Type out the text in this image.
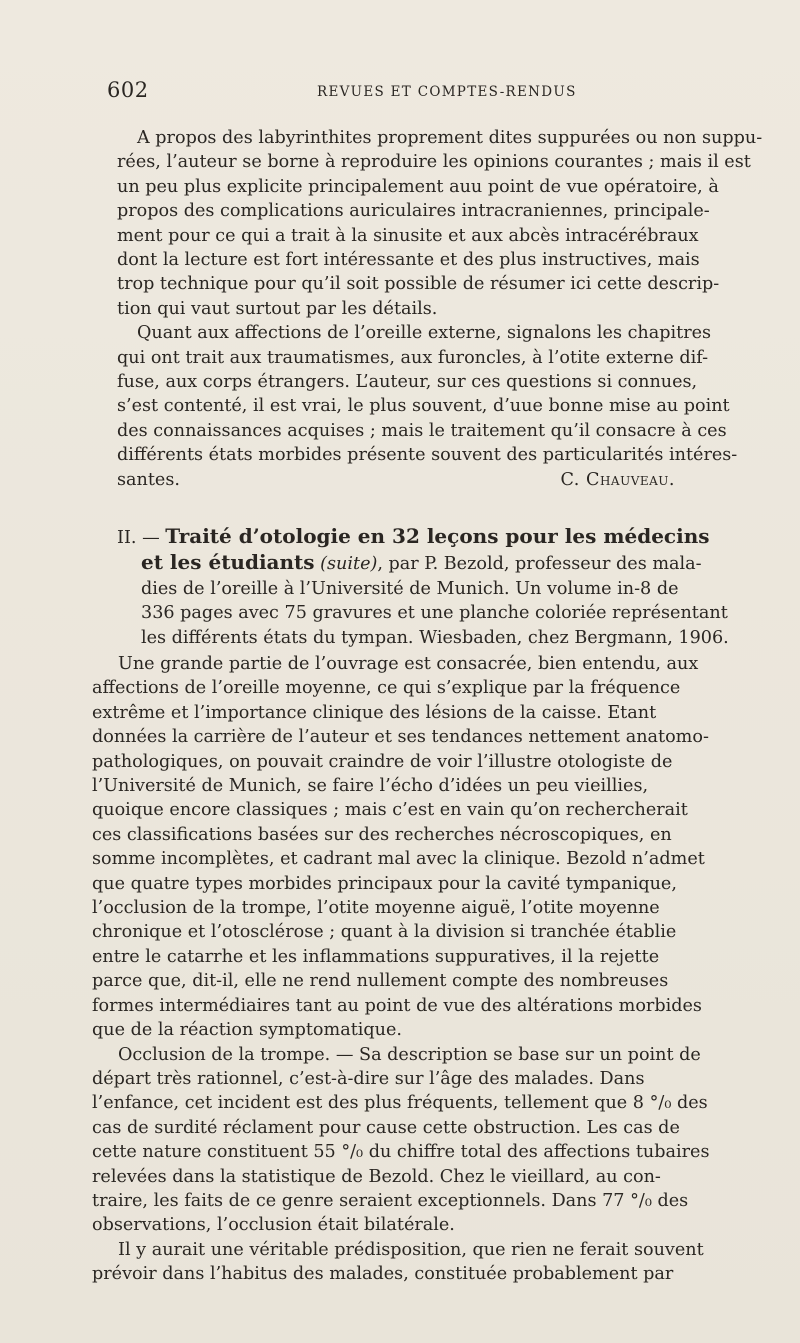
602	REVUES ET COMPTES-RENDUS
A propos des labyrinthites proprement dites suppurées ou non suppu-
rées, l’auteur se borne à reproduire les opinions courantes ; mais il est
un peu plus explicite principalement auu point de vue opératoire, à
propos des complications auriculaires intracraniennes, principale-
ment pour ce qui a trait à la sinusite et aux abcès intracérébraux
dont la lecture est fort intéressante et des plus instructives, mais
trop technique pour qu’il soit possible de résumer ici cette descrip-
tion qui vaut surtout par les détails.
Quant aux affections de l’oreille externe, signalons les chapitres
qui ont trait aux traumatismes, aux furoncles, à l’otite externe dif-
fuse, aux corps étrangers. L’auteur, sur ces questions si connues,
s’est contenté, il est vrai, le plus souvent, d’uue bonne mise au point
des connaissances acquises ; mais le traitement qu’il consacre à ces
différents états morbides présente souvent des particularités intéres-
santes.	C. Chauveau.
II. — Traité d’otologie en 32 leçons pour les médecins
et les étudiants (suite), par P. Bezold, professeur des mala-
dies de l’oreille à l’Université de Munich. Un volume in-8 de
336 pages avec 75 gravures et une planche coloriée représentant
les différents états du tympan. Wiesbaden, chez Bergmann, 1906.
Une grande partie de l’ouvrage est consacrée, bien entendu, aux
affections de l’oreille moyenne, ce qui s’explique par la fréquence
extrême et l’importance clinique des lésions de la caisse. Etant
données la carrière de l’auteur et ses tendances nettement anatomo-
pathologiques, on pouvait craindre de voir l’illustre otologiste de
l’Université de Munich, se faire l’écho d’idées un peu vieillies,
quoique encore classiques ; mais c’est en vain qu’on rechercherait
ces classifications basées sur des recherches nécroscopiques, en
somme incomplètes, et cadrant mal avec la clinique. Bezold n’admet
que quatre types morbides principaux pour la cavité tympanique,
l’occlusion de la trompe, l’otite moyenne aiguë, l’otite moyenne
chronique et l’otosclérose ; quant à la division si tranchée établie
entre le catarrhe et les inflammations suppuratives, il la rejette
parce que, dit-il, elle ne rend nullement compte des nombreuses
formes intermédiaires tant au point de vue des altérations morbides
que de la réaction symptomatique.
Occlusion de la trompe. — Sa description se base sur un point de
départ très rationnel, c’est-à-dire sur l’âge des malades. Dans
l’enfance, cet incident est des plus fréquents, tellement que 8 °/₀ des
cas de surdité réclament pour cause cette obstruction. Les cas de
cette nature constituent 55 °/₀ du chiffre total des affections tubaires
relevées dans la statistique de Bezold. Chez le vieillard, au con-
traire, les faits de ce genre seraient exceptionnels. Dans 77 °/₀ des
observations, l’occlusion était bilatérale.
Il y aurait une véritable prédisposition, que rien ne ferait souvent
prévoir dans l’habitus des malades, constituée probablement par
